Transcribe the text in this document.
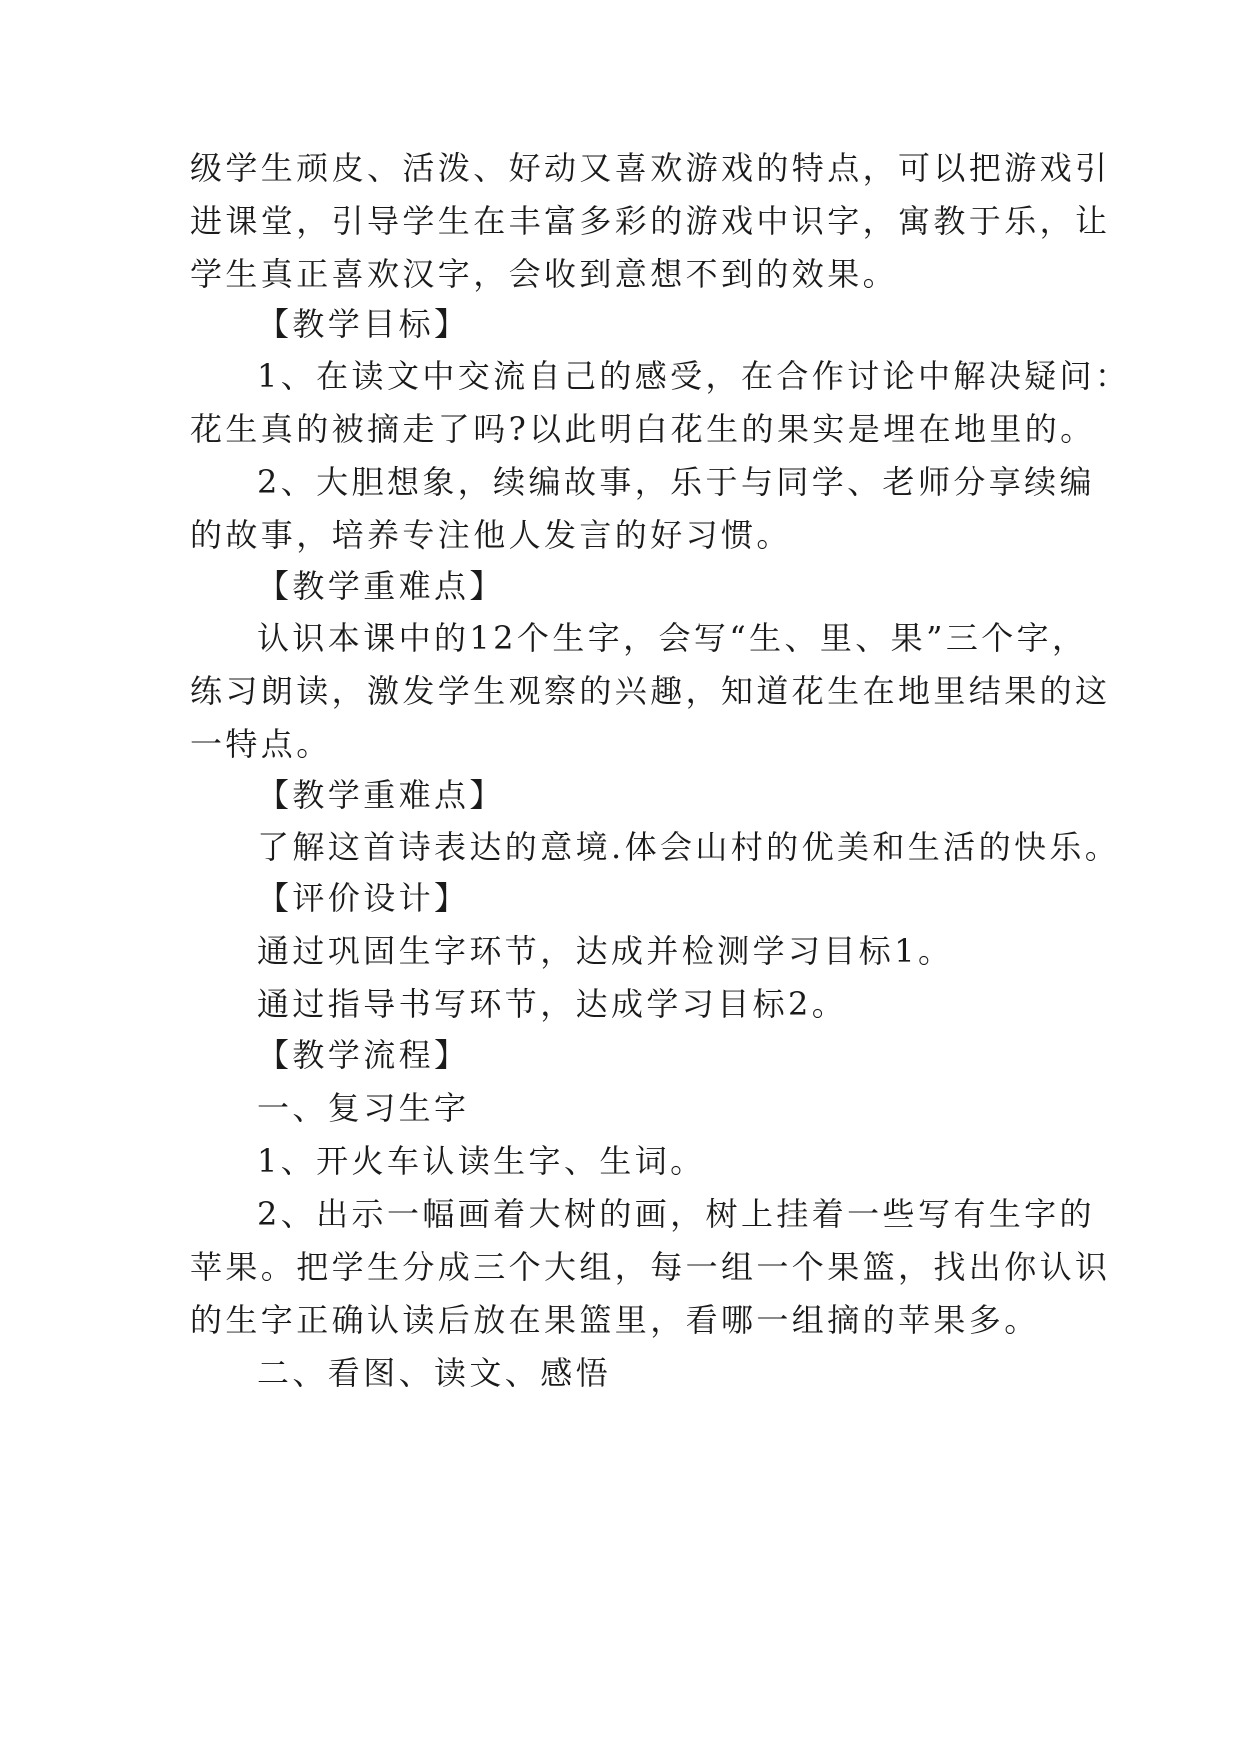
级学生顽皮、活泼、好动又喜欢游戏的特点，可以把游戏引
进课堂，引导学生在丰富多彩的游戏中识字，寓教于乐，让
学生真正喜欢汉字，会收到意想不到的效果。
【教学目标】
1、在读文中交流自己的感受，在合作讨论中解决疑问：
花生真的被摘走了吗?以此明白花生的果实是埋在地里的。
2、大胆想象，续编故事，乐于与同学、老师分享续编
的故事，培养专注他人发言的好习惯。
【教学重难点】
认识本课中的12个生字，会写“生、里、果”三个字，
练习朗读，激发学生观察的兴趣，知道花生在地里结果的这
一特点。
【教学重难点】
了解这首诗表达的意境.体会山村的优美和生活的快乐。
【评价设计】
通过巩固生字环节，达成并检测学习目标1。
通过指导书写环节，达成学习目标2。
【教学流程】
一、复习生字
1、开火车认读生字、生词。
2、出示一幅画着大树的画，树上挂着一些写有生字的
苹果。把学生分成三个大组，每一组一个果篮，找出你认识
的生字正确认读后放在果篮里，看哪一组摘的苹果多。
二、看图、读文、感悟
